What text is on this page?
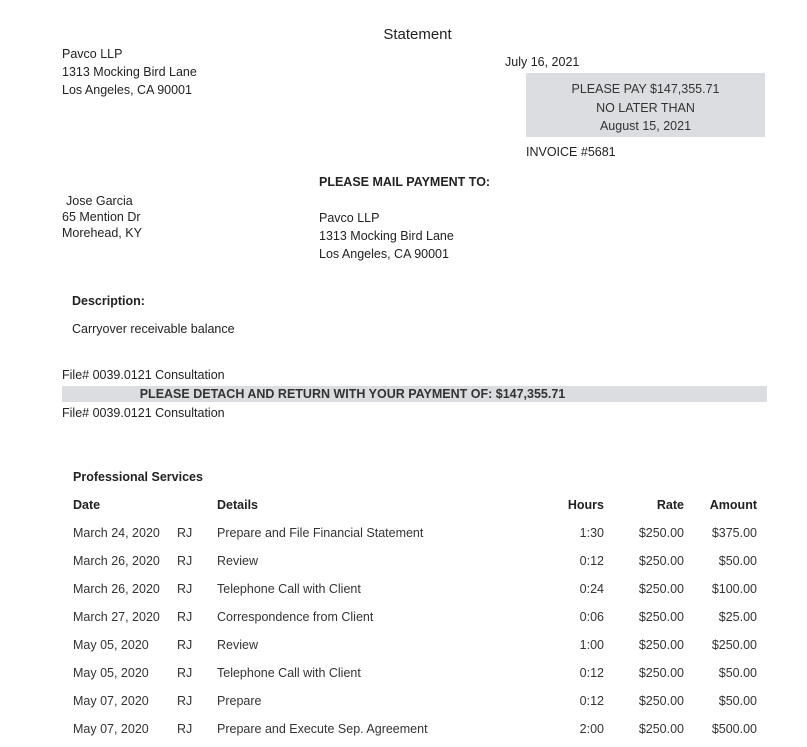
Statement
Pavco LLP
1313 Mocking Bird Lane
Los Angeles, CA 90001
July 16, 2021
PLEASE PAY $147,355.71
NO LATER THAN
August 15, 2021
INVOICE #5681
PLEASE MAIL PAYMENT TO:
Jose Garcia
65 Mention Dr
Morehead, KY
Pavco LLP
1313 Mocking Bird Lane
Los Angeles, CA 90001
Description:
Carryover receivable balance
File# 0039.0121 Consultation
PLEASE DETACH AND RETURN WITH YOUR PAYMENT OF: $147,355.71
File# 0039.0121 Consultation
Professional Services
Date	Details	Hours	Rate Amount
March 24, 2020 RJ Prepare and File Financial Statement	1:30	$250.00 $375.00
March 26, 2020 RJ Review	0:12	$250.00	$50.00
March 26, 2020 RJ Telephone Call with Client	0:24	$250.00 $100.00
March 27, 2020 RJ Correspondence from Client	0:06	$250.00	$25.00
May 05, 2020 RJ Review	1:00	$250.00 $250.00
May 05, 2020 RJ Telephone Call with Client	0:12	$250.00	$50.00
May 07, 2020 RJ Prepare	0:12	$250.00	$50.00
May 07, 2020 RJ Prepare and Execute Sep. Agreement	2:00	$250.00 $500.00
